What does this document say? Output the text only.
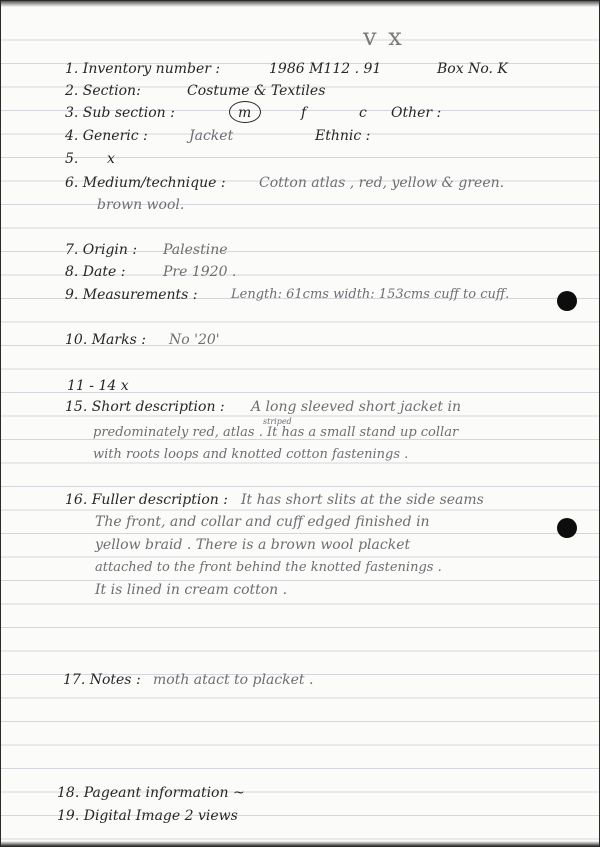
v x
1. Inventory number :	1986 M112 . 91	Box No. K
2. Section:	Costume & Textiles
3. Sub section :	m	f	c Other :
4. Generic :	Jacket	Ethnic :
5. x
6. Medium/technique : Cotton atlas , red, yellow & green.
brown wool.
7. Origin : Palestine
8. Date :	Pre 1920 .
9. Measurements :	Length: 61cms width: 153cms cuff to cuff.
10. Marks : No '20'
11 - 14 x
15. Short description : A long sleeved short jacket in
striped
predominately red, atlas . It has a small stand up collar
with roots loops and knotted cotton fastenings .
16. Fuller description : It has short slits at the side seams
The front, and collar and cuff edged finished in
yellow braid . There is a brown wool placket
attached to the front behind the knotted fastenings .
It is lined in cream cotton .
17. Notes : moth atact to placket .
18. Pageant information ~
19. Digital Image 2 views
